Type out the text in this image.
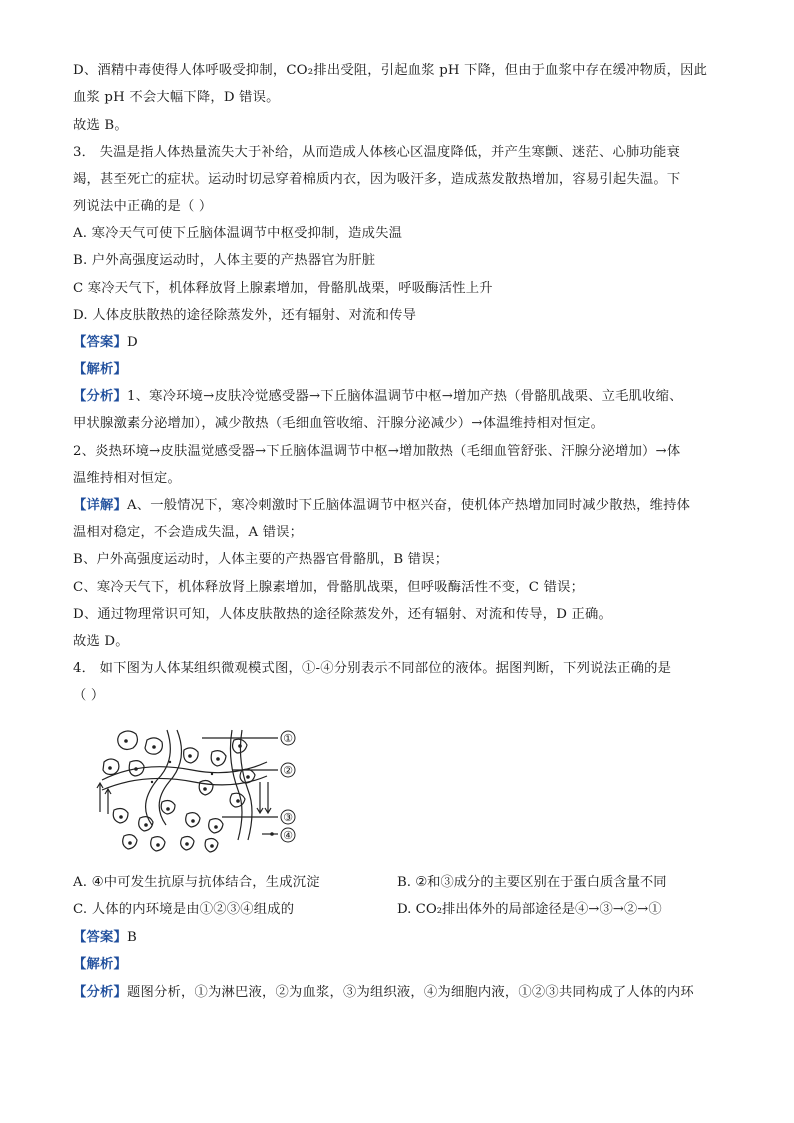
D、酒精中毒使得人体呼吸受抑制，CO₂排出受阻，引起血浆 pH 下降，但由于血浆中存在缓冲物质，因此
血浆 pH 不会大幅下降，D 错误。
故选 B。
3． 失温是指人体热量流失大于补给，从而造成人体核心区温度降低，并产生寒颤、迷茫、心肺功能衰
竭，甚至死亡的症状。运动时切忌穿着棉质内衣，因为吸汗多，造成蒸发散热增加，容易引起失温。下
列说法中正确的是（ ）
A. 寒冷天气可使下丘脑体温调节中枢受抑制，造成失温
B. 户外高强度运动时，人体主要的产热器官为肝脏
C 寒冷天气下，机体释放肾上腺素增加，骨骼肌战栗，呼吸酶活性上升
D. 人体皮肤散热的途径除蒸发外，还有辐射、对流和传导
【答案】D
【解析】
【分析】1、寒冷环境→皮肤冷觉感受器→下丘脑体温调节中枢→增加产热（骨骼肌战栗、立毛肌收缩、
甲状腺激素分泌增加），减少散热（毛细血管收缩、汗腺分泌减少）→体温维持相对恒定。
2、炎热环境→皮肤温觉感受器→下丘脑体温调节中枢→增加散热（毛细血管舒张、汗腺分泌增加）→体
温维持相对恒定。
【详解】A、一般情况下，寒冷刺激时下丘脑体温调节中枢兴奋，使机体产热增加同时减少散热，维持体
温相对稳定，不会造成失温，A 错误；
B、户外高强度运动时，人体主要的产热器官骨骼肌，B 错误；
C、寒冷天气下，机体释放肾上腺素增加，骨骼肌战栗，但呼吸酶活性不变，C 错误；
D、通过物理常识可知，人体皮肤散热的途径除蒸发外，还有辐射、对流和传导，D 正确。
故选 D。
4． 如下图为人体某组织微观模式图，①-④分别表示不同部位的液体。据图判断，下列说法正确的是
（ ）
①
②
③
④
A. ④中可发生抗原与抗体结合，生成沉淀	B. ②和③成分的主要区别在于蛋白质含量不同
C. 人体的内环境是由①②③④组成的	D. CO₂排出体外的局部途径是④→③→②→①
【答案】B
【解析】
【分析】题图分析，①为淋巴液，②为血浆，③为组织液，④为细胞内液，①②③共同构成了人体的内环
